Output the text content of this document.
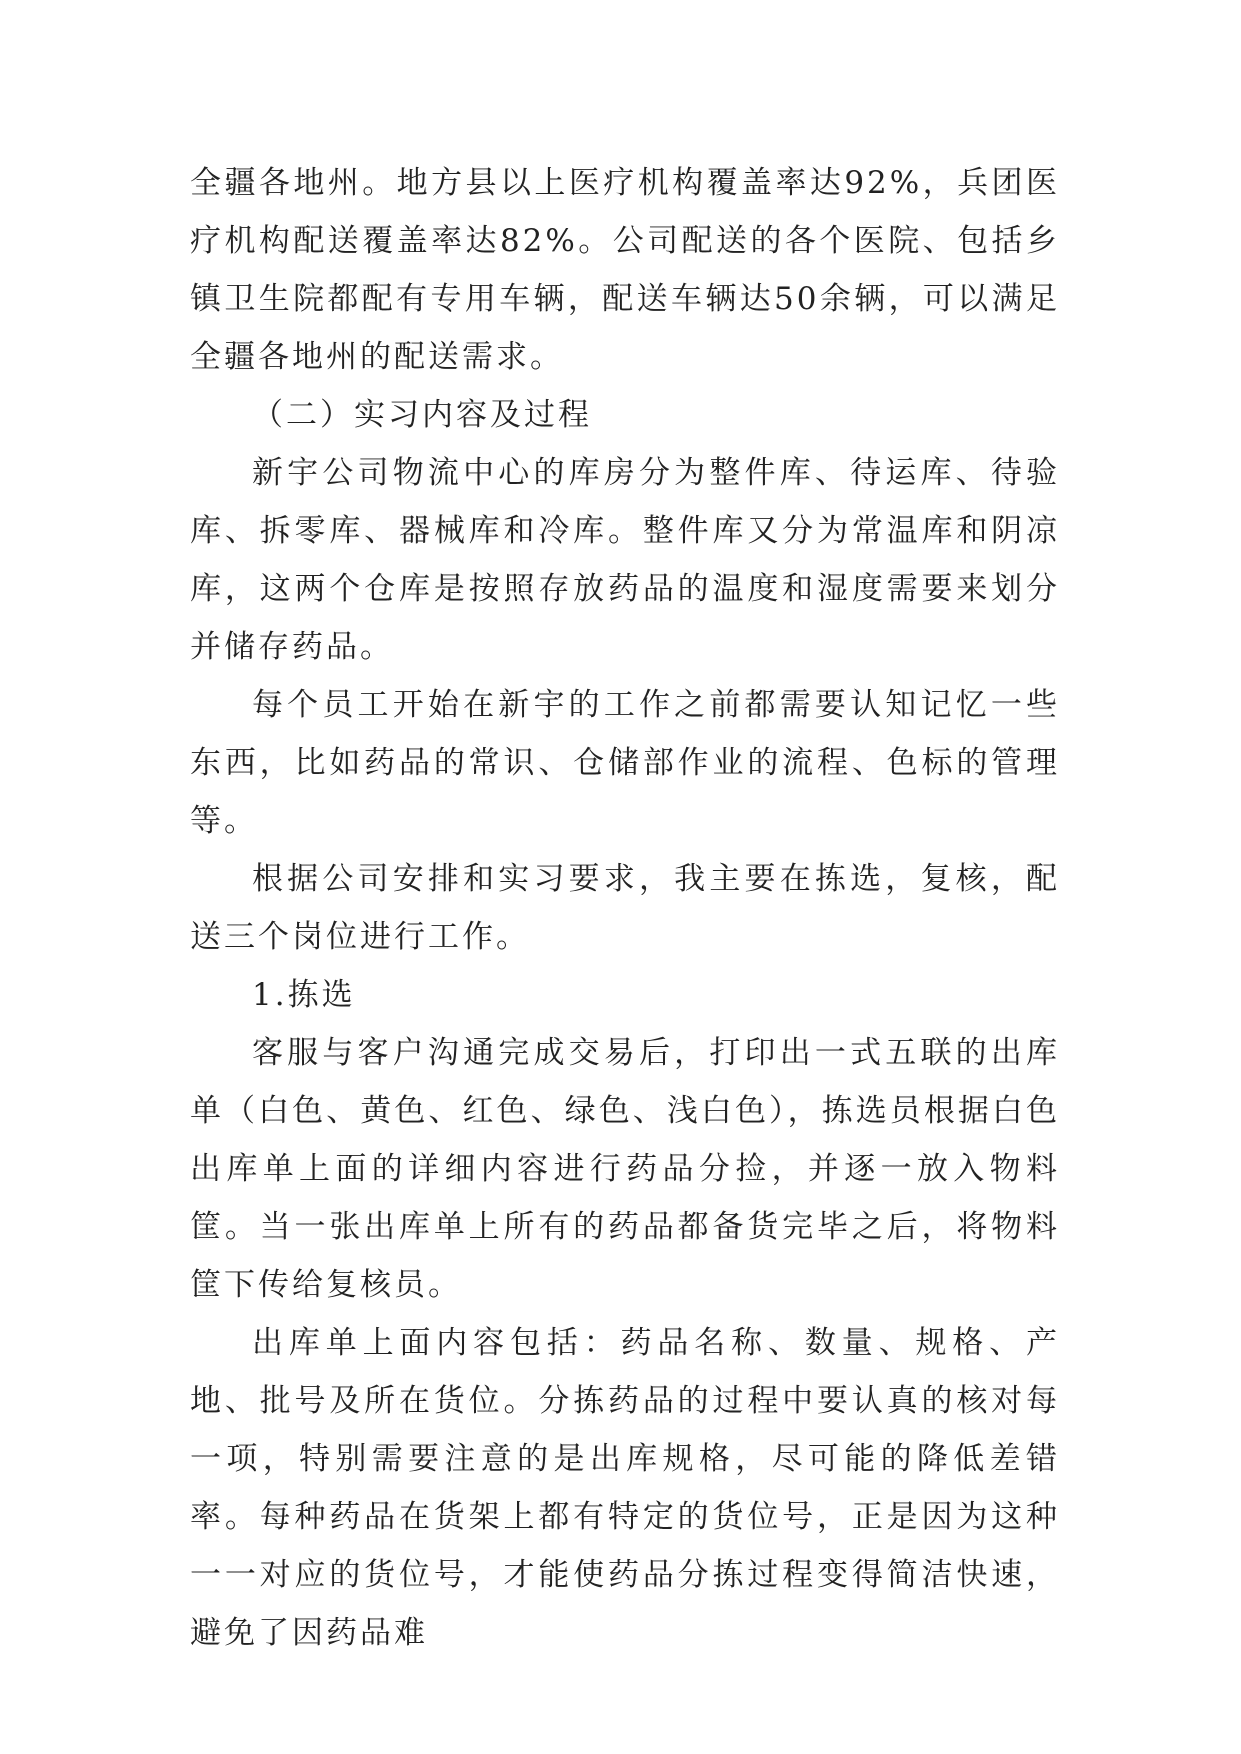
全疆各地州。地方县以上医疗机构覆盖率达92%，兵团医疗机构配送覆盖率达82%。公司配送的各个医院、包括乡镇卫生院都配有专用车辆，配送车辆达50余辆，可以满足全疆各地州的配送需求。

（二）实习内容及过程

新宇公司物流中心的库房分为整件库、待运库、待验库、拆零库、器械库和冷库。整件库又分为常温库和阴凉库，这两个仓库是按照存放药品的温度和湿度需要来划分并储存药品。

每个员工开始在新宇的工作之前都需要认知记忆一些东西，比如药品的常识、仓储部作业的流程、色标的管理等。

根据公司安排和实习要求，我主要在拣选，复核，配送三个岗位进行工作。

1.拣选

客服与客户沟通完成交易后，打印出一式五联的出库单（白色、黄色、红色、绿色、浅白色），拣选员根据白色出库单上面的详细内容进行药品分捡，并逐一放入物料筐。当一张出库单上所有的药品都备货完毕之后，将物料筐下传给复核员。

出库单上面内容包括：药品名称、数量、规格、产地、批号及所在货位。分拣药品的过程中要认真的核对每一项，特别需要注意的是出库规格，尽可能的降低差错率。每种药品在货架上都有特定的货位号，正是因为这种一一对应的货位号，才能使药品分拣过程变得简洁快速，避免了因药品难
